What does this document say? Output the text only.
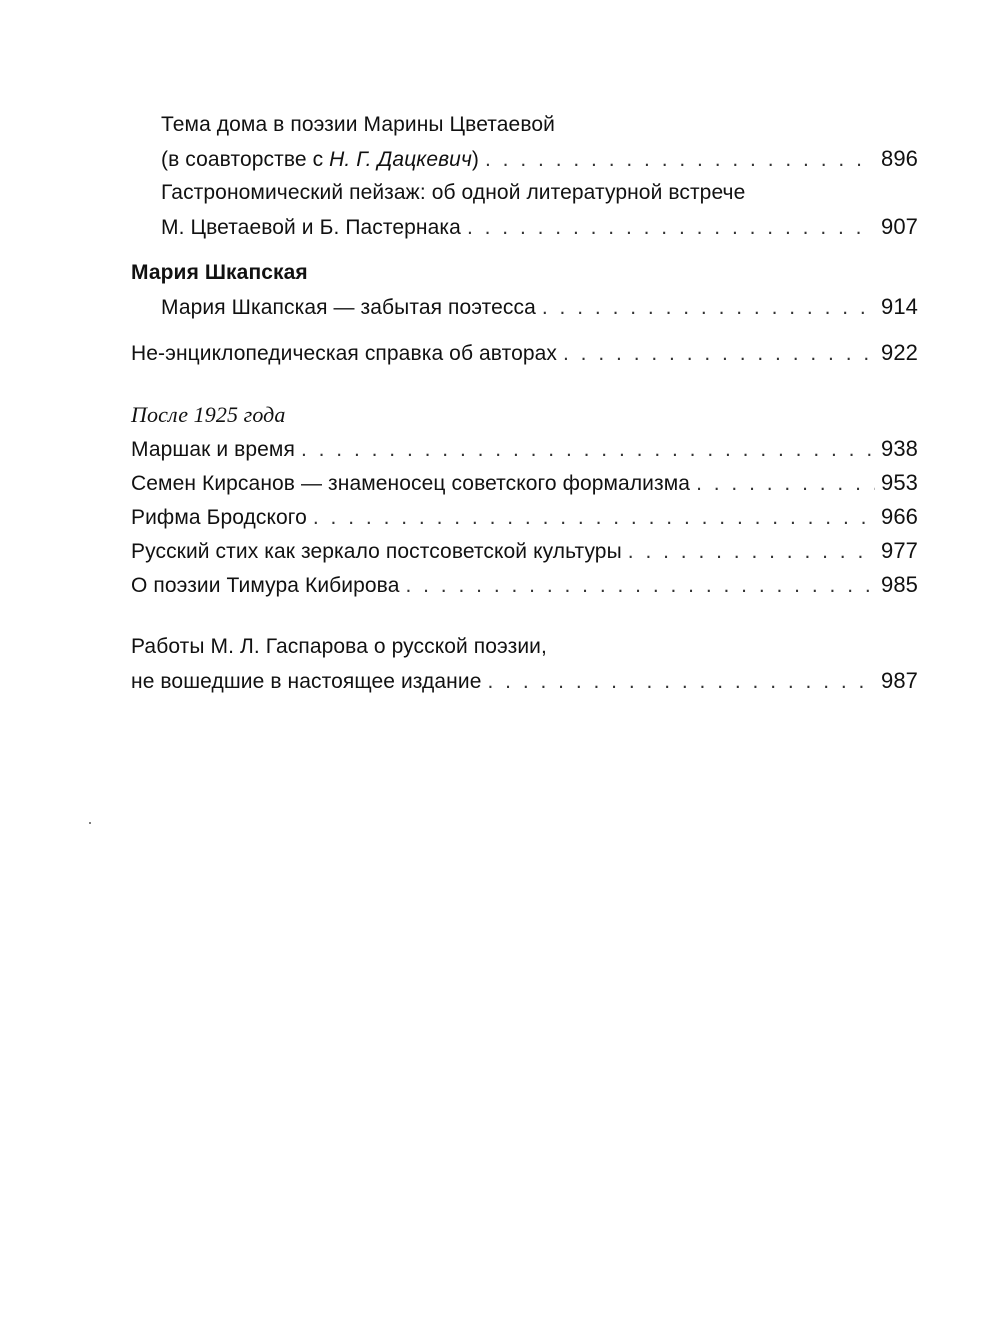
Тема дома в поэзии Марины Цветаевой
(в соавторстве с Н. Г. Дацкевич) . . .	896
Гастрономический пейзаж: об одной литературной встрече
М. Цветаевой и Б. Пастернака . . .	907
Мария Шкапская
Мария Шкапская — забытая поэтесса . . .	914
Не-энциклопедическая справка об авторах . . .	922
После 1925 года
Маршак и время . . .	938
Семен Кирсанов — знаменосец советского формализма . . .	953
Рифма Бродского . . .	966
Русский стих как зеркало постсоветской культуры . . .	977
О поэзии Тимура Кибирова . . .	985
Работы М. Л. Гаспарова о русской поэзии,
не вошедшие в настоящее издание . . .	987
